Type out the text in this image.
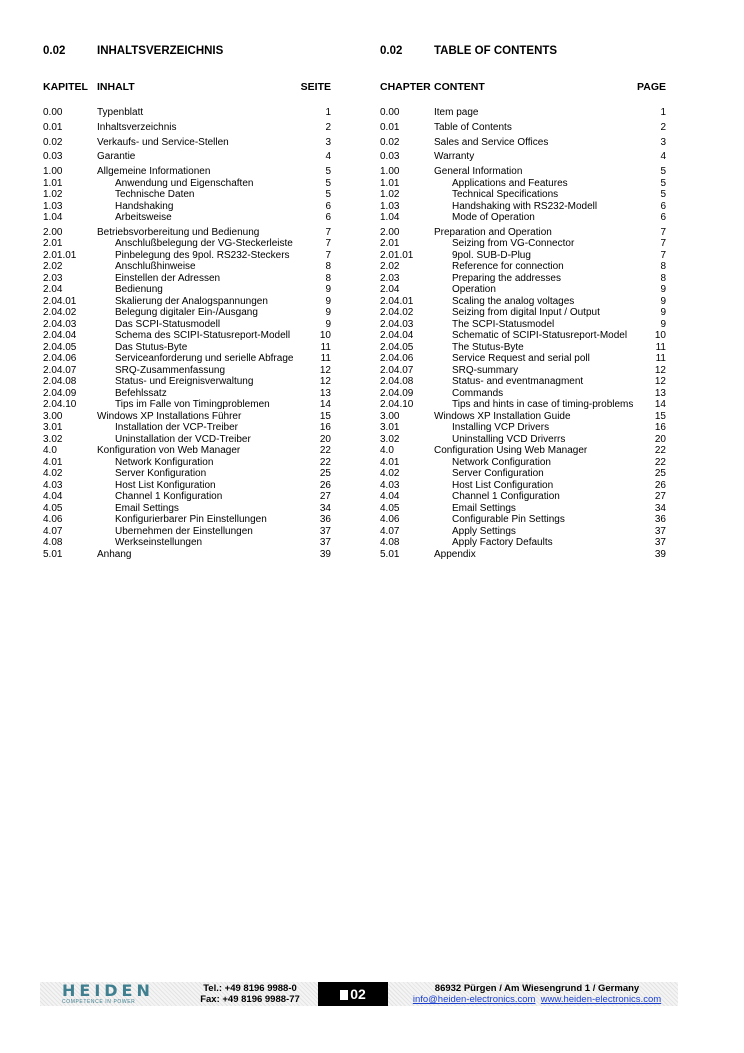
0.02	INHALTSVERZEICHNIS
KAPITEL INHALT	SEITE
0.00	Typenblatt	1
0.01	Inhaltsverzeichnis	2
0.02	Verkaufs- und Service-Stellen	3
0.03	Garantie	4
1.00	Allgemeine Informationen	5
1.01	Anwendung und Eigenschaften	5
1.02	Technische Daten	5
1.03	Handshaking	6
1.04	Arbeitsweise	6
2.00	Betriebsvorbereitung und Bedienung	7
2.01	Anschlußbelegung der VG-Steckerleiste	7
2.01.01	Pinbelegung des 9pol. RS232-Steckers	7
2.02	Anschlußhinweise	8
2.03	Einstellen der Adressen	8
2.04	Bedienung	9
2.04.01	Skalierung der Analogspannungen	9
2.04.02	Belegung digitaler Ein-/Ausgang	9
2.04.03	Das SCPI-Statusmodell	9
2.04.04	Schema des SCIPI-Statusreport-Modell	10
2.04.05	Das Stutus-Byte	11
2.04.06	Serviceanforderung und serielle Abfrage	11
2.04.07	SRQ-Zusammenfassung	12
2.04.08	Status- und Ereignisverwaltung	12
2.04.09	Befehlssatz	13
2.04.10	Tips im Falle von Timingproblemen	14
3.00	Windows XP Installations Führer	15
3.01	Installation der VCP-Treiber	16
3.02	Uninstallation der VCD-Treiber	20
4.0	Konfiguration von Web Manager	22
4.01	Network Konfiguration	22
4.02	Server Konfiguration	25
4.03	Host List Konfiguration	26
4.04	Channel 1 Konfiguration	27
4.05	Email Settings	34
4.06	Konfigurierbarer Pin Einstellungen	36
4.07	Ubernehmen der Einstellungen	37
4.08	Werkseinstellungen	37
5.01	Anhang	39
0.02	TABLE OF CONTENTS
CHAPTER CONTENT	PAGE
0.00	Item page	1
0.01	Table of Contents	2
0.02	Sales and Service Offices	3
0.03	Warranty	4
1.00	General Information	5
1.01	Applications and Features	5
1.02	Technical Specifications	5
1.03	Handshaking with RS232-Modell	6
1.04	Mode of Operation	6
2.00	Preparation and Operation	7
2.01	Seizing from VG-Connector	7
2.01.01	9pol. SUB-D-Plug	7
2.02	Reference for connection	8
2.03	Preparing the addresses	8
2.04	Operation	9
2.04.01	Scaling the analog voltages	9
2.04.02	Seizing from digital Input / Output	9
2.04.03	The SCPI-Statusmodel	9
2.04.04	Schematic of SCIPI-Statusreport-Model	10
2.04.05	The Stutus-Byte	11
2.04.06	Service Request and serial poll	11
2.04.07	SRQ-summary	12
2.04.08	Status- and eventmanagment	12
2.04.09	Commands	13
2.04.10	Tips and hints in case of timing-problems 14
3.00	Windows XP Installation Guide	15
3.01	Installing VCP Drivers	16
3.02	Uninstalling VCD Driverrs	20
4.0	Configuration Using Web Manager	22
4.01	Network Configuration	22
4.02	Server Configuration	25
4.03	Host List Configuration	26
4.04	Channel 1 Configuration	27
4.05	Email Settings	34
4.06	Configurable Pin Settings	36
4.07	Apply Settings	37
4.08	Apply Factory Defaults	37
5.01	Appendix	39
HEIDEN
COMPETENCE IN POWER
Tel.: +49 8196 9988-0
Fax: +49 8196 9988-77	02	86932 Pürgen / Am Wiesengrund 1 / Germany
info@heiden-electronics.com www.heiden-electronics.com
